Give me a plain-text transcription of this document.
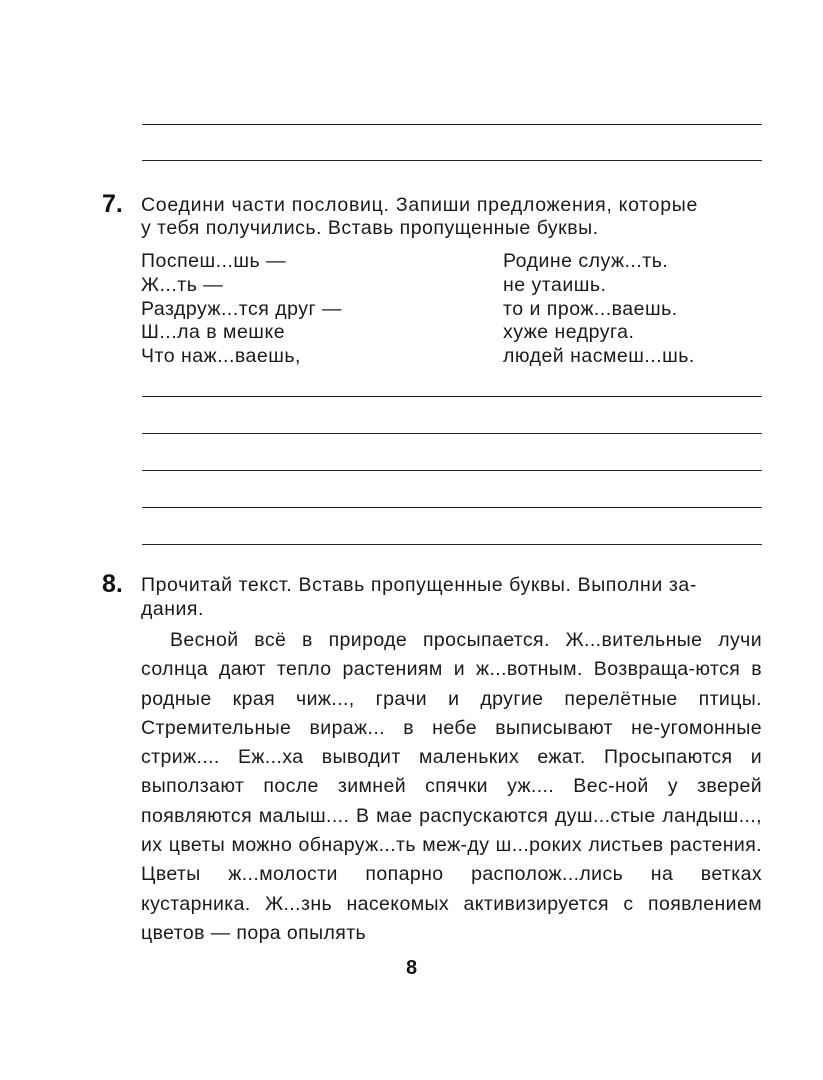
7. Соедини части пословиц. Запиши предложения, которые
у тебя получились. Вставь пропущенные буквы.
Поспеш...шь —
Ж...ть —
Раздруж...тся друг —
Ш...ла в мешке
Что наж...ваешь,
Родине служ...ть.
не утаишь.
то и прож...ваешь.
хуже недруга.
людей насмеш...шь.
8. Прочитай текст. Вставь пропущенные буквы. Выполни за-
дания.
Весной всё в природе просыпается. Ж...вительные лучи солнца дают тепло растениям и ж...вотным. Возвраща-ются в родные края чиж..., грачи и другие перелётные птицы. Стремительные вираж... в небе выписывают не-угомонные стриж.... Еж...ха выводит маленьких ежат. Просыпаются и выползают после зимней спячки уж.... Вес-ной у зверей появляются малыш.... В мае распускаются душ...стые ландыш..., их цветы можно обнаруж...ть меж-ду ш...роких листьев растения. Цветы ж...молости попарно располож...лись на ветках кустарника. Ж...знь насекомых активизируется с появлением цветов — пора опылять
8
